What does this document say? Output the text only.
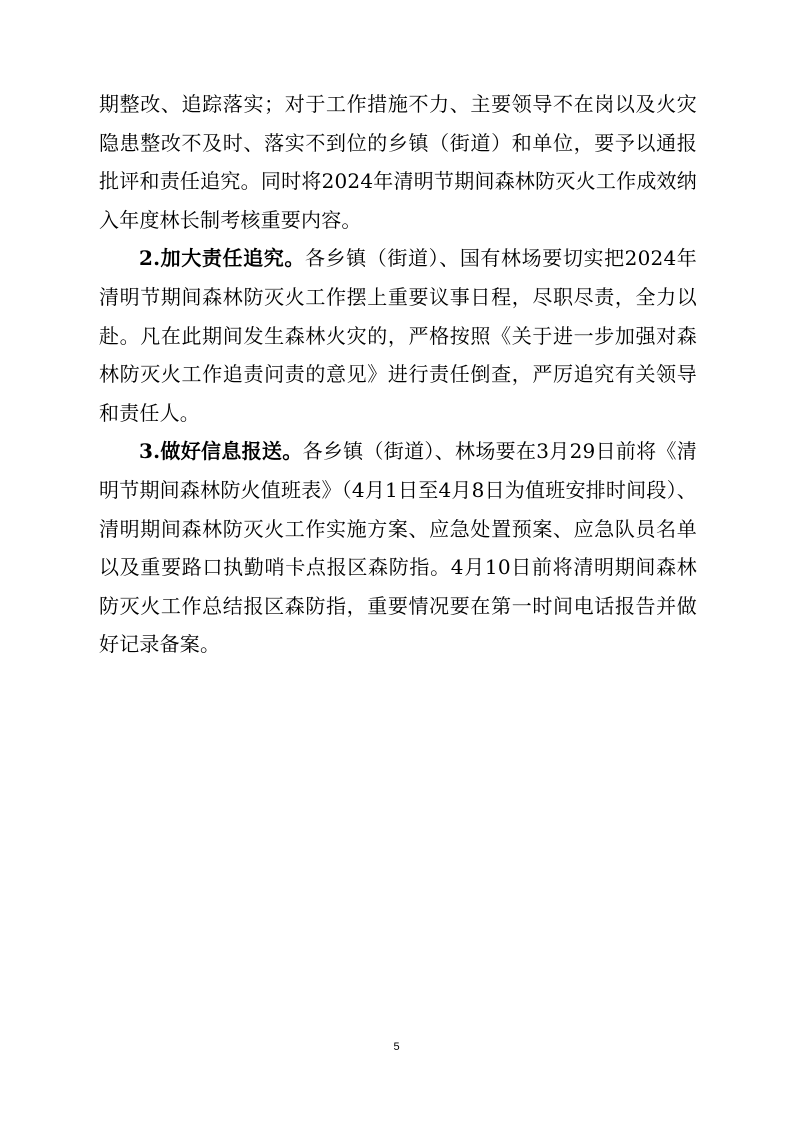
期整改、追踪落实；对于工作措施不力、主要领导不在岗以及火灾隐患整改不及时、落实不到位的乡镇（街道）和单位，要予以通报批评和责任追究。同时将2024年清明节期间森林防灭火工作成效纳入年度林长制考核重要内容。

2.加大责任追究。各乡镇（街道）、国有林场要切实把2024年清明节期间森林防灭火工作摆上重要议事日程，尽职尽责，全力以赴。凡在此期间发生森林火灾的，严格按照《关于进一步加强对森林防灭火工作追责问责的意见》进行责任倒查，严厉追究有关领导和责任人。

3.做好信息报送。各乡镇（街道）、林场要在3月29日前将《清明节期间森林防火值班表》（4月1日至4月8日为值班安排时间段）、清明期间森林防灭火工作实施方案、应急处置预案、应急队员名单以及重要路口执勤哨卡点报区森防指。4月10日前将清明期间森林防灭火工作总结报区森防指，重要情况要在第一时间电话报告并做好记录备案。

5
